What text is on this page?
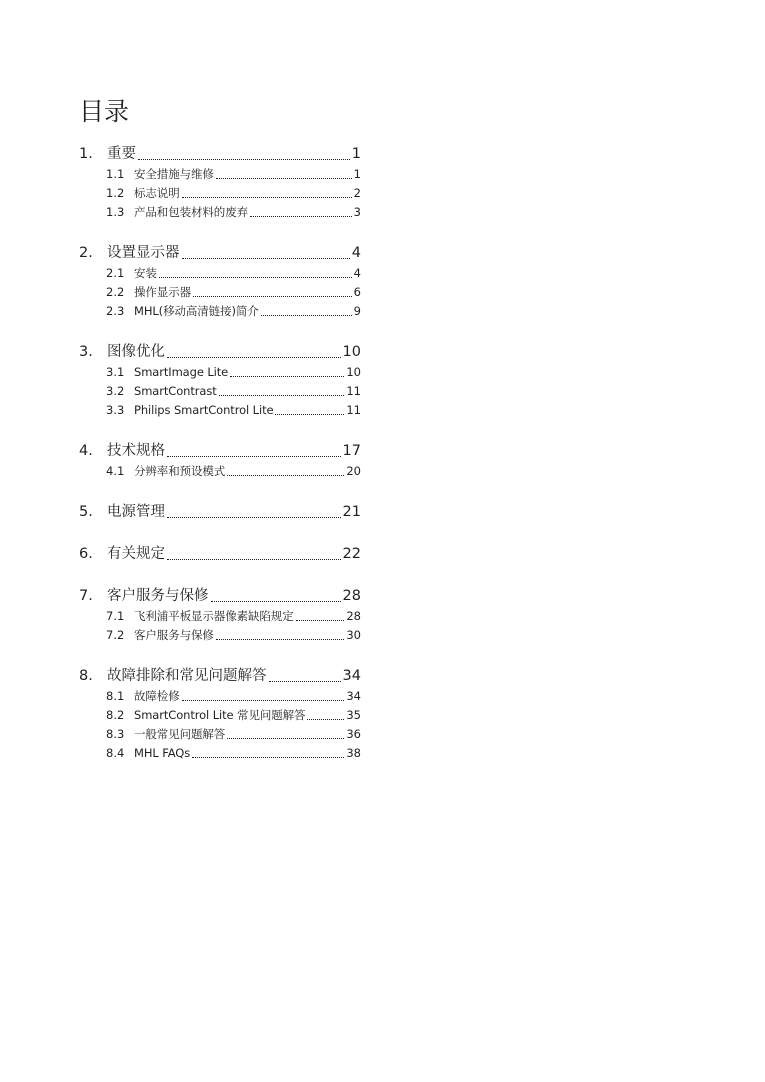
目录
1. 重要	1
1.1 安全措施与维修	1
1.2 标志说明	2
1.3 产品和包装材料的废弃	3
2. 设置显示器	4
2.1 安装	4
2.2 操作显示器	6
2.3 MHL(移动高清链接)简介	9
3. 图像优化	10
3.1 SmartImage Lite	10
3.2 SmartContrast	11
3.3 Philips SmartControl Lite	11
4. 技术规格	17
4.1 分辨率和预设模式	20
5. 电源管理	21
6. 有关规定	22
7. 客户服务与保修	28
7.1 飞利浦平板显示器像素缺陷规定	28
7.2 客户服务与保修	30
8. 故障排除和常见问题解答	34
8.1 故障检修	34
8.2 SmartControl Lite 常见问题解答	35
8.3 一般常见问题解答	36
8.4 MHL FAQs	38
